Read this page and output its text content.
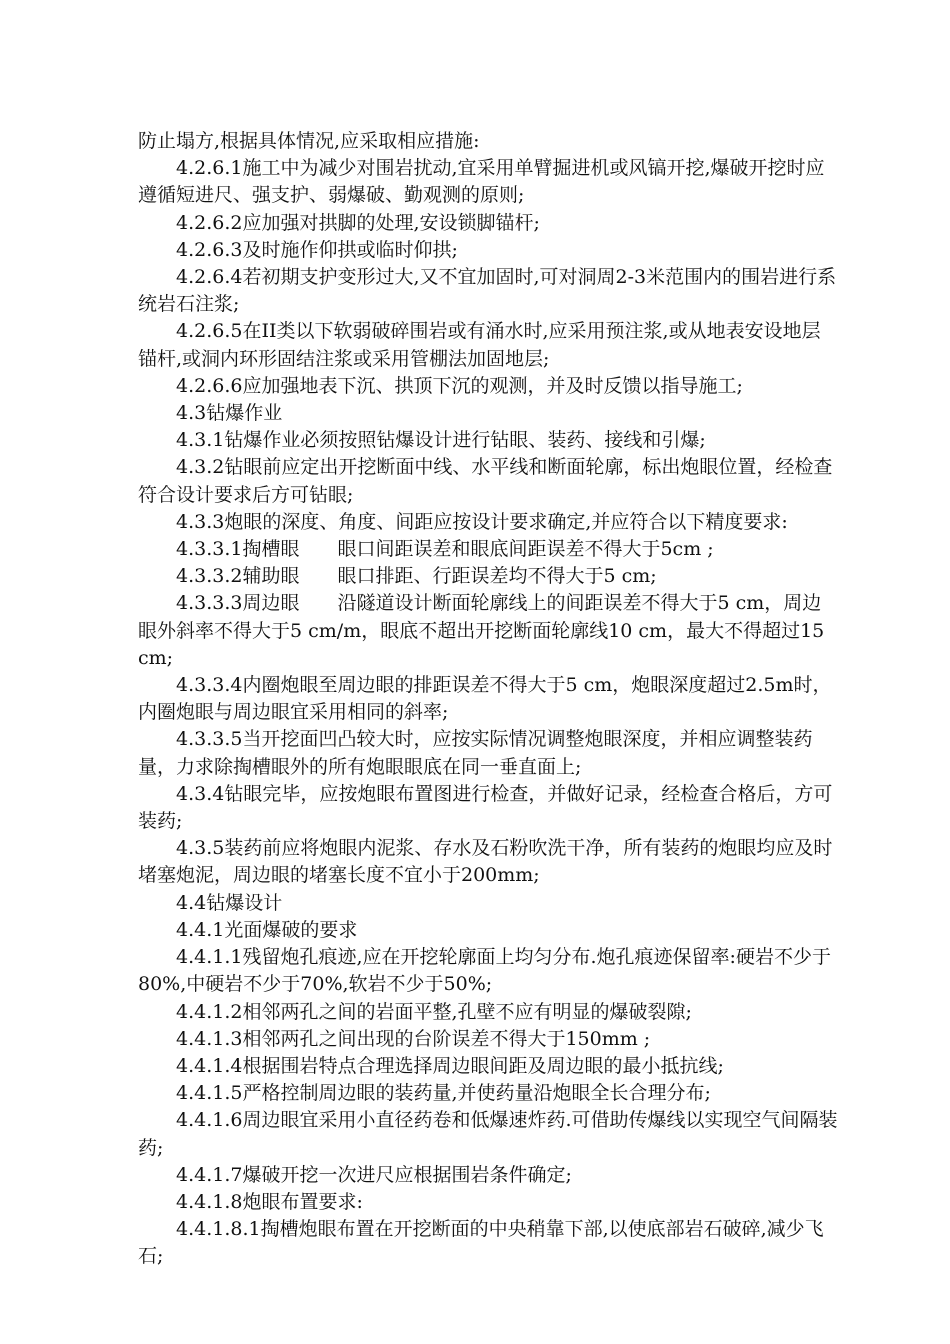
防止塌方,根据具体情况,应采取相应措施:

4.2.6.1施工中为减少对围岩扰动,宜采用单臂掘进机或风镐开挖,爆破开挖时应遵循短进尺、强支护、弱爆破、勤观测的原则;

4.2.6.2应加强对拱脚的处理,安设锁脚锚杆;

4.2.6.3及时施作仰拱或临时仰拱;

4.2.6.4若初期支护变形过大,又不宜加固时,可对洞周2-3米范围内的围岩进行系统岩石注浆;

4.2.6.5在II类以下软弱破碎围岩或有涌水时,应采用预注浆,或从地表安设地层锚杆,或洞内环形固结注浆或采用管棚法加固地层;

4.2.6.6应加强地表下沉、拱顶下沉的观测，并及时反馈以指导施工;

4.3钻爆作业

4.3.1钻爆作业必须按照钻爆设计进行钻眼、装药、接线和引爆;

4.3.2钻眼前应定出开挖断面中线、水平线和断面轮廓，标出炮眼位置，经检查符合设计要求后方可钻眼;

4.3.3炮眼的深度、角度、间距应按设计要求确定,并应符合以下精度要求:

4.3.3.1掏槽眼　　眼口间距误差和眼底间距误差不得大于5cm ;

4.3.3.2辅助眼　　眼口排距、行距误差均不得大于5 cm;

4.3.3.3周边眼　　沿隧道设计断面轮廓线上的间距误差不得大于5 cm，周边眼外斜率不得大于5 cm/m，眼底不超出开挖断面轮廓线10 cm，最大不得超过15 cm;

4.3.3.4内圈炮眼至周边眼的排距误差不得大于5 cm，炮眼深度超过2.5m时，内圈炮眼与周边眼宜采用相同的斜率;

4.3.3.5当开挖面凹凸较大时，应按实际情况调整炮眼深度，并相应调整装药量，力求除掏槽眼外的所有炮眼眼底在同一垂直面上;

4.3.4钻眼完毕，应按炮眼布置图进行检查，并做好记录，经检查合格后，方可装药;

4.3.5装药前应将炮眼内泥浆、存水及石粉吹洗干净，所有装药的炮眼均应及时堵塞炮泥，周边眼的堵塞长度不宜小于200mm;

4.4钻爆设计

4.4.1光面爆破的要求

4.4.1.1残留炮孔痕迹,应在开挖轮廓面上均匀分布.炮孔痕迹保留率:硬岩不少于80%,中硬岩不少于70%,软岩不少于50%;

4.4.1.2相邻两孔之间的岩面平整,孔壁不应有明显的爆破裂隙;

4.4.1.3相邻两孔之间出现的台阶误差不得大于150mm ;

4.4.1.4根据围岩特点合理选择周边眼间距及周边眼的最小抵抗线;

4.4.1.5严格控制周边眼的装药量,并使药量沿炮眼全长合理分布;

4.4.1.6周边眼宜采用小直径药卷和低爆速炸药.可借助传爆线以实现空气间隔装药;

4.4.1.7爆破开挖一次进尺应根据围岩条件确定;

4.4.1.8炮眼布置要求:

4.4.1.8.1掏槽炮眼布置在开挖断面的中央稍靠下部,以使底部岩石破碎,减少飞石;
